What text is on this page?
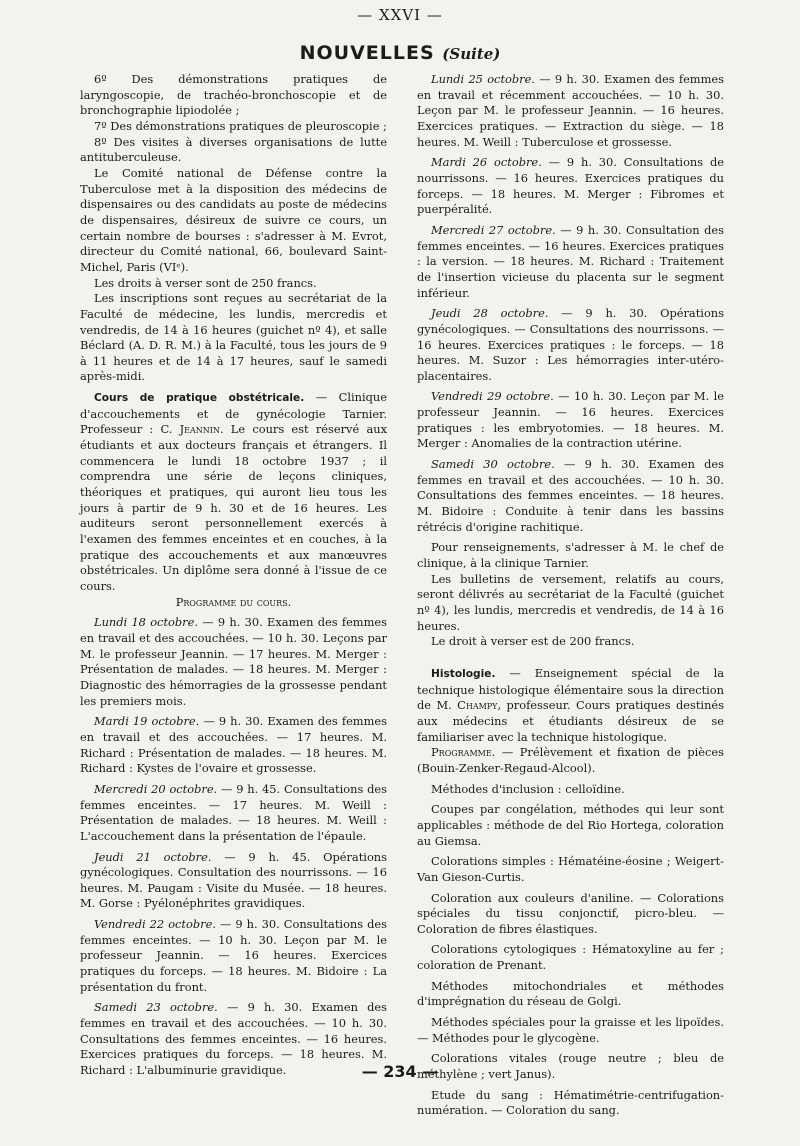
— XXVI —
NOUVELLES (Suite)

6º Des démonstrations pratiques de laryngoscopie, de trachéo-bronchoscopie et de bronchographie lipiodolée ;

7º Des démonstrations pratiques de pleuroscopie ;

8º Des visites à diverses organisations de lutte antituberculeuse.

Le Comité national de Défense contre la Tuberculose met à la disposition des médecins de dispensaires ou des candidats au poste de médecins de dispensaires, désireux de suivre ce cours, un certain nombre de bourses : s'adresser à M. Evrot, directeur du Comité national, 66, boulevard Saint-Michel, Paris (VIᵉ).

Les droits à verser sont de 250 francs.

Les inscriptions sont reçues au secrétariat de la Faculté de médecine, les lundis, mercredis et vendredis, de 14 à 16 heures (guichet nº 4), et salle Béclard (A. D. R. M.) à la Faculté, tous les jours de 9 à 11 heures et de 14 à 17 heures, sauf le samedi après-midi.

Cours de pratique obstétricale. — Clinique d'accouchements et de gynécologie Tarnier. Professeur : C. Jeannin. Le cours est réservé aux étudiants et aux docteurs français et étrangers. Il commencera le lundi 18 octobre 1937 ; il comprendra une série de leçons cliniques, théoriques et pratiques, qui auront lieu tous les jours à partir de 9 h. 30 et de 16 heures. Les auditeurs seront personnellement exercés à l'examen des femmes enceintes et en couches, à la pratique des accouchements et aux manœuvres obstétricales. Un diplôme sera donné à l'issue de ce cours.

Programme du cours.

Lundi 18 octobre. — 9 h. 30. Examen des femmes en travail et des accouchées. — 10 h. 30. Leçons par M. le professeur Jeannin. — 17 heures. M. Merger : Présentation de malades. — 18 heures. M. Merger : Diagnostic des hémorragies de la grossesse pendant les premiers mois.

Mardi 19 octobre. — 9 h. 30. Examen des femmes en travail et des accouchées. — 17 heures. M. Richard : Présentation de malades. — 18 heures. M. Richard : Kystes de l'ovaire et grossesse.

Mercredi 20 octobre. — 9 h. 45. Consultations des femmes enceintes. — 17 heures. M. Weill : Présentation de malades. — 18 heures. M. Weill : L'accouchement dans la présentation de l'épaule.

Jeudi 21 octobre. — 9 h. 45. Opérations gynécologiques. Consultation des nourrissons. — 16 heures. M. Paugam : Visite du Musée. — 18 heures. M. Gorse : Pyélonéphrites gravidiques.

Vendredi 22 octobre. — 9 h. 30. Consultations des femmes enceintes. — 10 h. 30. Leçon par M. le professeur Jeannin. — 16 heures. Exercices pratiques du forceps. — 18 heures. M. Bidoire : La présentation du front.

Samedi 23 octobre. — 9 h. 30. Examen des femmes en travail et des accouchées. — 10 h. 30. Consultations des femmes enceintes. — 16 heures. Exercices pratiques du forceps. — 18 heures. M. Richard : L'albuminurie gravidique.

Lundi 25 octobre. — 9 h. 30. Examen des femmes en travail et récemment accouchées. — 10 h. 30. Leçon par M. le professeur Jeannin. — 16 heures. Exercices pratiques. — Extraction du siège. — 18 heures. M. Weill : Tuberculose et grossesse.

Mardi 26 octobre. — 9 h. 30. Consultations de nourrissons. — 16 heures. Exercices pratiques du forceps. — 18 heures. M. Merger : Fibromes et puerpéralité.

Mercredi 27 octobre. — 9 h. 30. Consultation des femmes enceintes. — 16 heures. Exercices pratiques : la version. — 18 heures. M. Richard : Traitement de l'insertion vicieuse du placenta sur le segment inférieur.

Jeudi 28 octobre. — 9 h. 30. Opérations gynécologiques. — Consultations des nourrissons. — 16 heures. Exercices pratiques : le forceps. — 18 heures. M. Suzor : Les hémorragies inter-utéro-placentaires.

Vendredi 29 octobre. — 10 h. 30. Leçon par M. le professeur Jeannin. — 16 heures. Exercices pratiques : les embryotomies. — 18 heures. M. Merger : Anomalies de la contraction utérine.

Samedi 30 octobre. — 9 h. 30. Examen des femmes en travail et des accouchées. — 10 h. 30. Consultations des femmes enceintes. — 18 heures. M. Bidoire : Conduite à tenir dans les bassins rétrécis d'origine rachitique.

Pour renseignements, s'adresser à M. le chef de clinique, à la clinique Tarnier.

Les bulletins de versement, relatifs au cours, seront délivrés au secrétariat de la Faculté (guichet nº 4), les lundis, mercredis et vendredis, de 14 à 16 heures.

Le droit à verser est de 200 francs.

Histologie. — Enseignement spécial de la technique histologique élémentaire sous la direction de M. Champy, professeur. Cours pratiques destinés aux médecins et étudiants désireux de se familiariser avec la technique histologique.

Programme. — Prélèvement et fixation de pièces (Bouin-Zenker-Regaud-Alcool).

Méthodes d'inclusion : celloïdine.

Coupes par congélation, méthodes qui leur sont applicables : méthode de del Rio Hortega, coloration au Giemsa.

Colorations simples : Hématéine-éosine ; Weigert-Van Gieson-Curtis.

Coloration aux couleurs d'aniline. — Colorations spéciales du tissu conjonctif, picro-bleu. — Coloration de fibres élastiques.

Colorations cytologiques : Hématoxyline au fer ; coloration de Prenant.

Méthodes mitochondriales et méthodes d'imprégnation du réseau de Golgi.

Méthodes spéciales pour la graisse et les lipoïdes. — Méthodes pour le glycogène.

Colorations vitales (rouge neutre ; bleu de méthylène ; vert Janus).

Etude du sang : Hématimétrie-centrifugation-numération. — Coloration du sang.

— 234 —
